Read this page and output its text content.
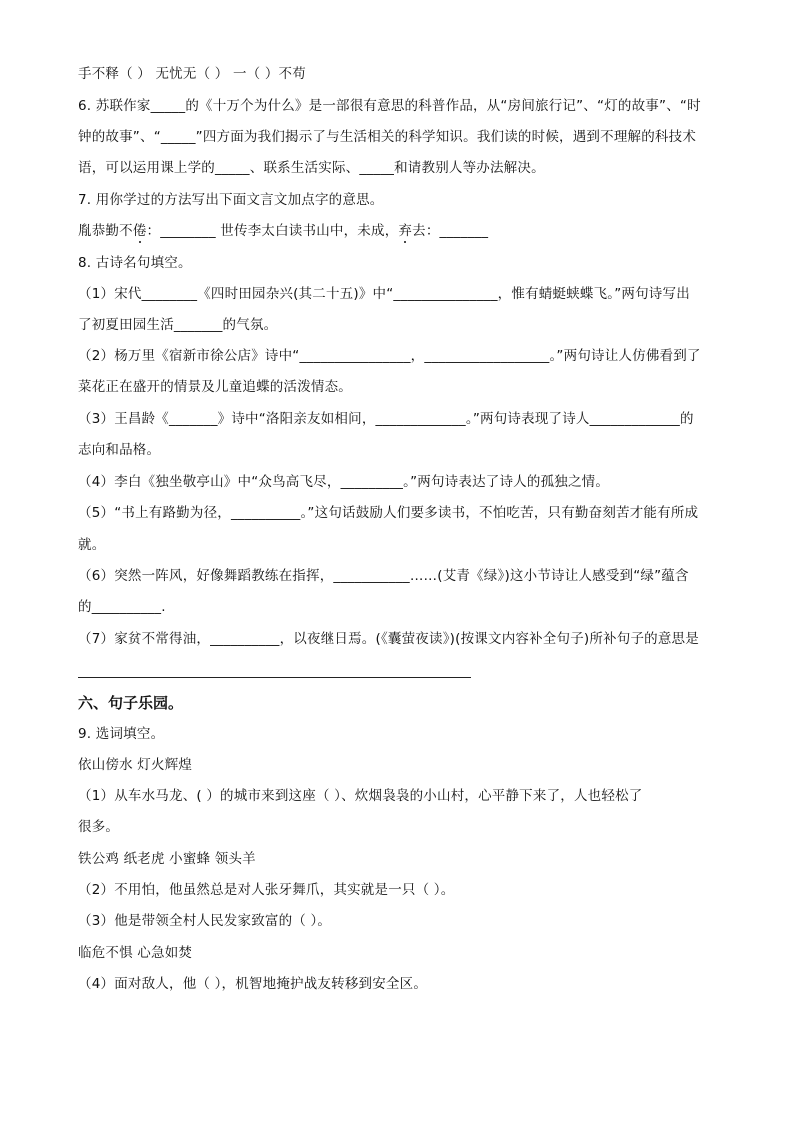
手不释（ ） 无忧无（ ） 一（ ）不苟
6. 苏联作家_____的《十万个为什么》是一部很有意思的科普作品，从“房间旅行记”、“灯的故事”、“时
钟的故事”、“_____”四方面为我们揭示了与生活相关的科学知识。我们读的时候，遇到不理解的科技术
语，可以运用课上学的_____、联系生活实际、_____和请教别人等办法解决。
7. 用你学过的方法写出下面文言文加点字的意思。
胤恭勤不倦：________ 世传李太白读书山中，未成，弃去：_______
8. 古诗名句填空。
（1）宋代________《四时田园杂兴(其二十五)》中“_______________，惟有蜻蜓蛱蝶飞。”两句诗写出
了初夏田园生活_______的气氛。
（2）杨万里《宿新市徐公店》诗中“________________，__________________。”两句诗让人仿佛看到了
菜花正在盛开的情景及儿童追蝶的活泼情态。
（3）王昌龄《_______》诗中“洛阳亲友如相问，_____________。”两句诗表现了诗人_____________的
志向和品格。
（4）李白《独坐敬亭山》中“众鸟高飞尽，_________。”两句诗表达了诗人的孤独之情。
（5）“书上有路勤为径，__________。”这句话鼓励人们要多读书，不怕吃苦，只有勤奋刻苦才能有所成
就。
（6）突然一阵风，好像舞蹈教练在指挥，___________……(艾青《绿》)这小节诗让人感受到“绿”蕴含
的__________.
（7）家贫不常得油，__________，以夜继日焉。(《囊萤夜读》)(按课文内容补全句子)所补句子的意思是
六、句子乐园。
9. 选词填空。
依山傍水 灯火辉煌
（1）从车水马龙、( ）的城市来到这座（ ）、炊烟袅袅的小山村，心平静下来了，人也轻松了
很多。
铁公鸡 纸老虎 小蜜蜂 领头羊
（2）不用怕，他虽然总是对人张牙舞爪，其实就是一只（ ）。
（3）他是带领全村人民发家致富的（ ）。
临危不惧 心急如焚
（4）面对敌人，他（ ），机智地掩护战友转移到安全区。
